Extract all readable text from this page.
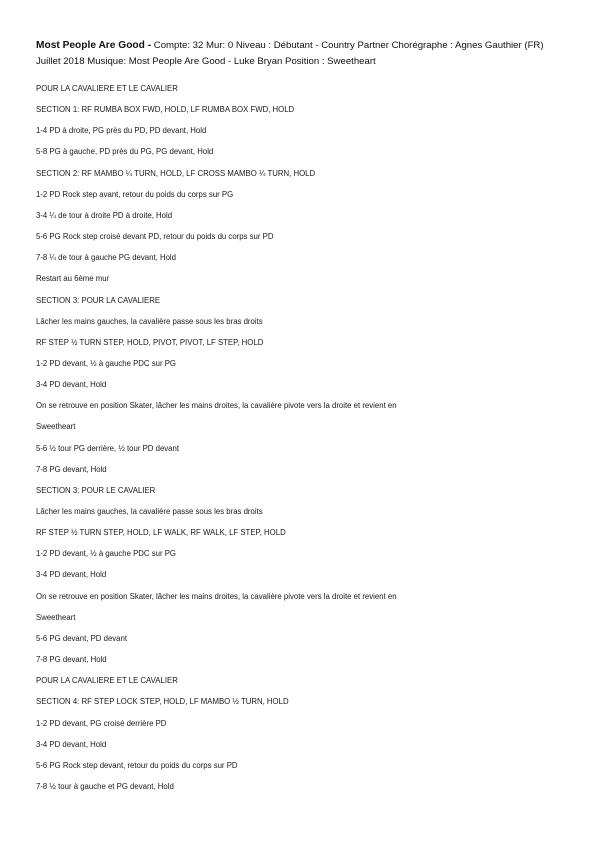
Most People Are Good - Compte: 32 Mur: 0 Niveau : Débutant - Country Partner Chorégraphe : Agnes Gauthier (FR) Juillet 2018 Musique: Most People Are Good - Luke Bryan Position : Sweetheart
POUR LA CAVALIERE ET LE CAVALIER
SECTION 1: RF RUMBA BOX FWD, HOLD, LF RUMBA BOX FWD, HOLD
1-4 PD à droite, PG près du PD, PD devant, Hold
5-8 PG à gauche, PD près du PG, PG devant, Hold
SECTION 2: RF MAMBO ¼ TURN, HOLD, LF CROSS MAMBO ¼ TURN, HOLD
1-2 PD Rock step avant, retour du poids du corps sur PG
3-4 ¼ de tour à droite PD à droite, Hold
5-6 PG Rock step croisé devant PD, retour du poids du corps sur PD
7-8 ¼ de tour à gauche PG devant, Hold
Restart au 6ème mur
SECTION 3: POUR LA CAVALIERE
Lâcher les mains gauches, la cavalière passe sous les bras droits
RF STEP ½ TURN STEP, HOLD, PIVOT, PIVOT, LF STEP, HOLD
1-2 PD devant, ½ à gauche PDC sur PG
3-4 PD devant, Hold
On se retrouve en position Skater, lâcher les mains droites, la cavalière pivote vers la droite et revient en
Sweetheart
5-6 ½ tour PG derrière, ½ tour PD devant
7-8 PG devant, Hold
SECTION 3: POUR LE CAVALIER
Lâcher les mains gauches, la cavalière passe sous les bras droits
RF STEP ½ TURN STEP, HOLD, LF WALK, RF WALK, LF STEP, HOLD
1-2 PD devant, ½ à gauche PDC sur PG
3-4 PD devant, Hold
On se retrouve en position Skater, lâcher les mains droites, la cavalière pivote vers la droite et revient en
Sweetheart
5-6 PG devant, PD devant
7-8 PG devant, Hold
POUR LA CAVALIERE ET LE CAVALIER
SECTION 4: RF STEP LOCK STEP, HOLD, LF MAMBO ½ TURN, HOLD
1-2 PD devant, PG croisé derrière PD
3-4 PD devant, Hold
5-6 PG Rock step devant, retour du poids du corps sur PD
7-8 ½ tour à gauche et PG devant, Hold
